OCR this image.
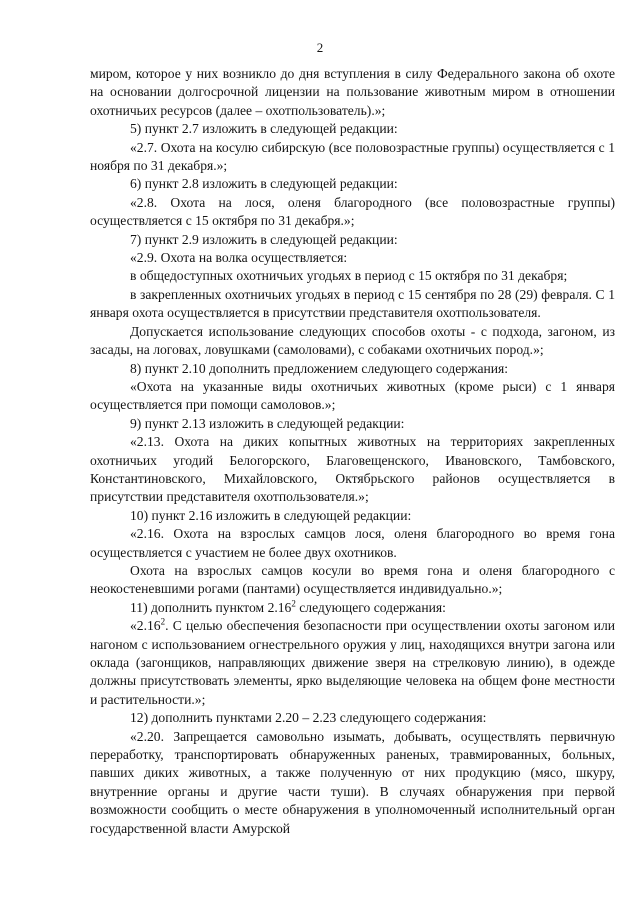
2

миром, которое у них возникло до дня вступления в силу Федерального закона об охоте на основании долгосрочной лицензии на пользование животным миром в отношении охотничьих ресурсов (далее – охотпользователь).»;

5) пункт 2.7 изложить в следующей редакции:

«2.7. Охота на косулю сибирскую (все половозрастные группы) осуществляется с 1 ноября по 31 декабря.»;

6) пункт 2.8 изложить в следующей редакции:

«2.8. Охота на лося, оленя благородного (все половозрастные группы) осуществляется с 15 октября по 31 декабря.»;

7) пункт 2.9 изложить в следующей редакции:

«2.9. Охота на волка осуществляется:

в общедоступных охотничьих угодьях в период с 15 октября по 31 декабря;

в закрепленных охотничьих угодьях в период с 15 сентября по 28 (29) февраля. С 1 января охота осуществляется в присутствии представителя охотпользователя.

Допускается использование следующих способов охоты - с подхода, загоном, из засады, на логовах, ловушками (самоловами), с собаками охотничьих пород.»;

8) пункт 2.10 дополнить предложением следующего содержания:

«Охота на указанные виды охотничьих животных (кроме рыси) с 1 января осуществляется при помощи самоловов.»;

9) пункт 2.13 изложить в следующей редакции:

«2.13. Охота на диких копытных животных на территориях закрепленных охотничьих угодий Белогорского, Благовещенского, Ивановского, Тамбовского, Константиновского, Михайловского, Октябрьского районов осуществляется в присутствии представителя охотпользователя.»;

10) пункт 2.16 изложить в следующей редакции:

«2.16. Охота на взрослых самцов лося, оленя благородного во время гона осуществляется с участием не более двух охотников.

Охота на взрослых самцов косули во время гона и оленя благородного с неокостеневшими рогами (пантами) осуществляется индивидуально.»;

11) дополнить пунктом 2.16$^2$ следующего содержания:

«2.16$^2$. С целью обеспечения безопасности при осуществлении охоты загоном или нагоном с использованием огнестрельного оружия у лиц, находящихся внутри загона или оклада (загонщиков, направляющих движение зверя на стрелковую линию), в одежде должны присутствовать элементы, ярко выделяющие человека на общем фоне местности и растительности.»;

12) дополнить пунктами 2.20 – 2.23 следующего содержания:

«2.20. Запрещается самовольно изымать, добывать, осуществлять первичную переработку, транспортировать обнаруженных раненых, травмированных, больных, павших диких животных, а также полученную от них продукцию (мясо, шкуру, внутренние органы и другие части туши). В случаях обнаружения при первой возможности сообщить о месте обнаружения в уполномоченный исполнительный орган государственной власти Амурской
